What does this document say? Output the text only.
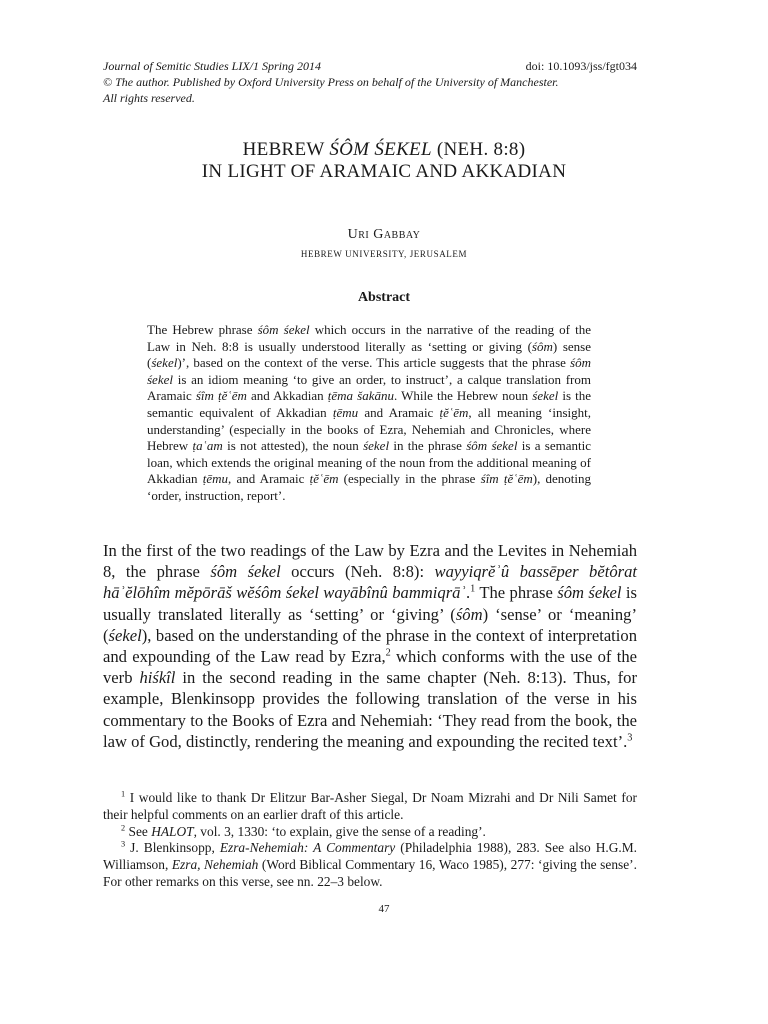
Journal of Semitic Studies LIX/1 Spring 2014	doi: 10.1093/jss/fgt034
© The author. Published by Oxford University Press on behalf of the University of Manchester.
All rights reserved.
HEBREW ŚÔM ŚEKEL (NEH. 8:8)
IN LIGHT OF ARAMAIC AND AKKADIAN
Uri Gabbay
HEBREW UNIVERSITY, JERUSALEM
Abstract

The Hebrew phrase śôm śekel which occurs in the narrative of the reading of the Law in Neh. 8:8 is usually understood literally as ‘setting or giving (śôm) sense (śekel)’, based on the context of the verse. This article suggests that the phrase śôm śekel is an idiom meaning ‘to give an order, to instruct’, a calque translation from Aramaic śîm ṭĕʿēm and Akkadian ṭēma šakānu. While the Hebrew noun śekel is the semantic equivalent of Akkadian ṭēmu and Aramaic ṭĕʿēm, all meaning ‘insight, understanding’ (especially in the books of Ezra, Nehemiah and Chronicles, where Hebrew ṭaʿam is not attested), the noun śekel in the phrase śôm śekel is a semantic loan, which extends the original meaning of the noun from the additional meaning of Akkadian ṭēmu, and Aramaic ṭĕʿēm (especially in the phrase śîm ṭĕʿēm), denoting ‘order, instruction, report’.

In the first of the two readings of the Law by Ezra and the Levites in Nehemiah 8, the phrase śôm śekel occurs (Neh. 8:8): wayyiqrĕʾû bassēper bĕtôrat hāʾĕlōhîm mĕpōrāš wĕśôm śekel wayābînû bammiqrāʾ.$^1$ The phrase śôm śekel is usually translated literally as ‘setting’ or ‘giving’ (śôm) ‘sense’ or ‘meaning’ (śekel), based on the understanding of the phrase in the context of interpretation and expounding of the Law read by Ezra,$^2$ which conforms with the use of the verb hiśkîl in the second reading in the same chapter (Neh. 8:13). Thus, for example, Blenkinsopp provides the following translation of the verse in his commentary to the Books of Ezra and Nehemiah: ‘They read from the book, the law of God, distinctly, rendering the meaning and expounding the recited text’.$^3$

$^1$ I would like to thank Dr Elitzur Bar-Asher Siegal, Dr Noam Mizrahi and Dr Nili Samet for their helpful comments on an earlier draft of this article.

$^2$ See HALOT, vol. 3, 1330: ‘to explain, give the sense of a reading’.

$^3$ J. Blenkinsopp, Ezra-Nehemiah: A Commentary (Philadelphia 1988), 283. See also H.G.M. Williamson, Ezra, Nehemiah (Word Biblical Commentary 16, Waco 1985), 277: ‘giving the sense’. For other remarks on this verse, see nn. 22–3 below.

47
